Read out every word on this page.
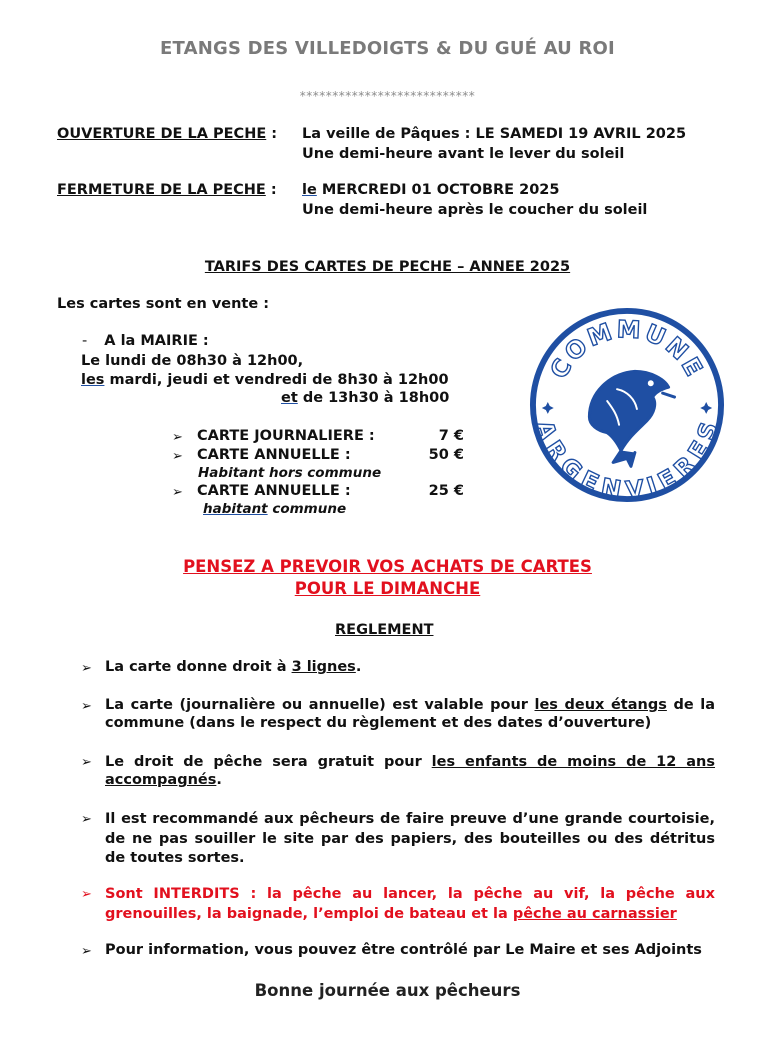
ETANGS DES VILLEDOIGTS & DU GUÉ AU ROI
***************************
OUVERTURE DE LA PECHE : La veille de Pâques : LE SAMEDI 19 AVRIL 2025
Une demi-heure avant le lever du soleil
FERMETURE DE LA PECHE : le MERCREDI 01 OCTOBRE 2025
Une demi-heure après le coucher du soleil
TARIFS DES CARTES DE PECHE – ANNEE 2025
Les cartes sont en vente :
- A la MAIRIE :
Le lundi de 08h30 à 12h00,
les mardi, jeudi et vendredi de 8h30 à 12h00
et de 13h30 à 18h00
➢ CARTE JOURNALIERE :	7 €
➢ CARTE ANNUELLE :	50 €
Habitant hors commune
➢ CARTE ANNUELLE :	25 €
habitant commune
COMMUNE
ARGENVIERES
PENSEZ A PREVOIR VOS ACHATS DE CARTES
POUR LE DIMANCHE
REGLEMENT
➢ La carte donne droit à 3 lignes.
➢ La carte (journalière ou annuelle) est valable pour les deux étangs de la
commune (dans le respect du règlement et des dates d’ouverture)
➢ Le droit de pêche sera gratuit pour les enfants de moins de 12 ans
accompagnés.
➢ Il est recommandé aux pêcheurs de faire preuve d’une grande courtoisie, de ne pas souiller le site par des papiers, des bouteilles ou des détritus de toutes sortes.
➢ Sont INTERDITS : la pêche au lancer, la pêche au vif, la pêche aux grenouilles, la baignade, l’emploi de bateau et la pêche au carnassier
➢ Pour information, vous pouvez être contrôlé par Le Maire et ses Adjoints
Bonne journée aux pêcheurs
